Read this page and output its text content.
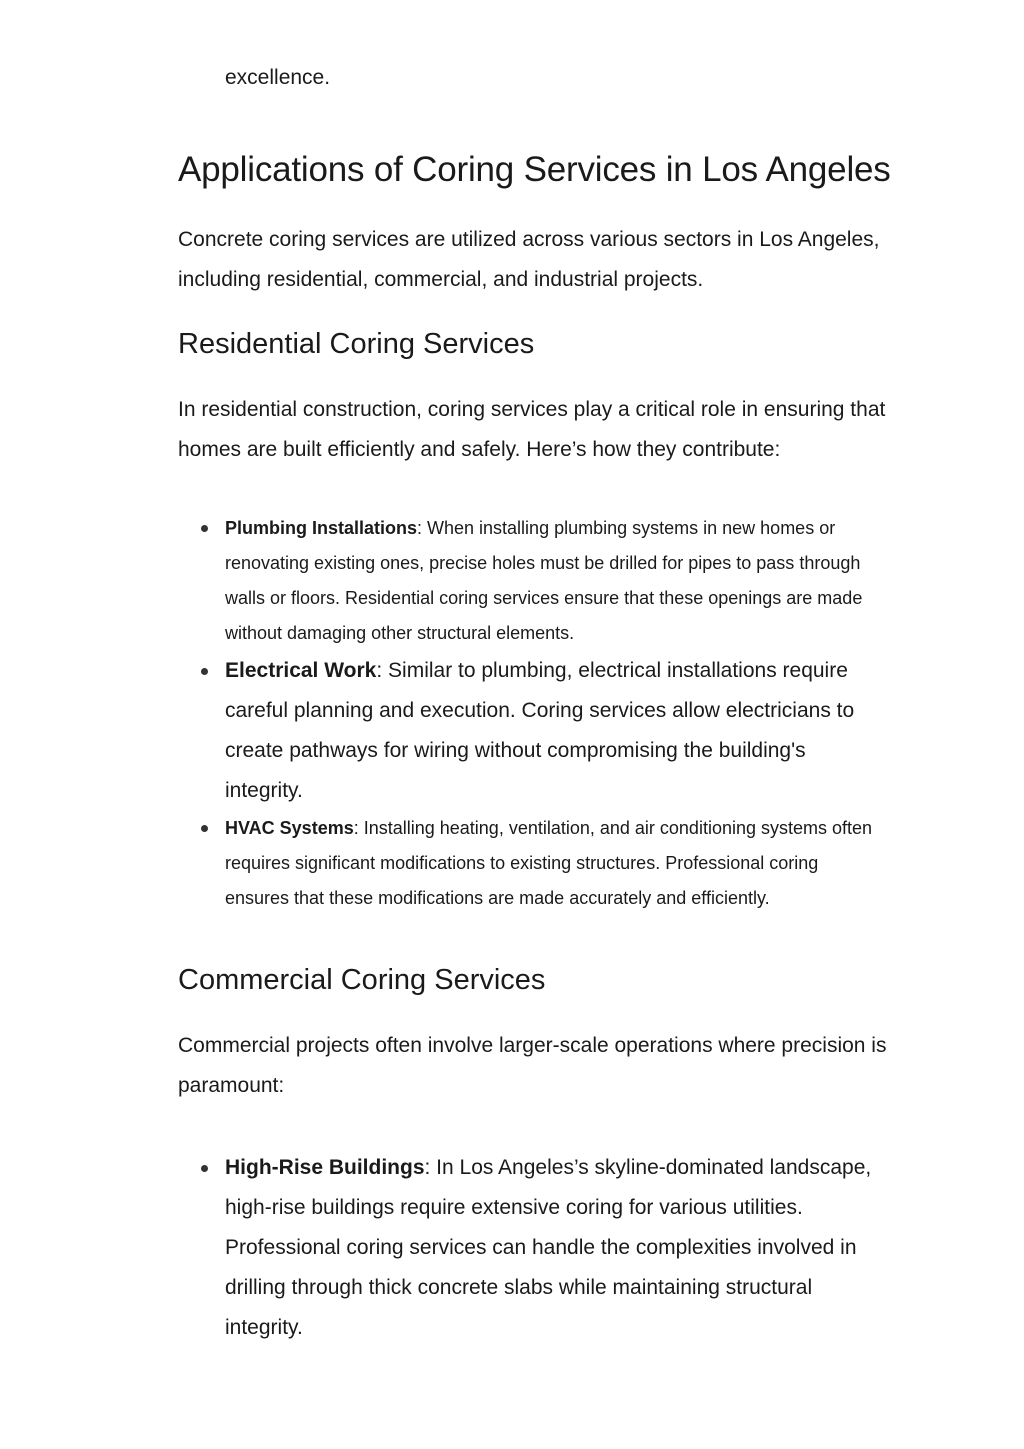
excellence.

Applications of Coring Services in Los Angeles

Concrete coring services are utilized across various sectors in Los Angeles, including residential, commercial, and industrial projects.

Residential Coring Services

In residential construction, coring services play a critical role in ensuring that homes are built efficiently and safely. Here’s how they contribute:

Plumbing Installations: When installing plumbing systems in new homes or renovating existing ones, precise holes must be drilled for pipes to pass through walls or floors. Residential coring services ensure that these openings are made without damaging other structural elements.
Electrical Work: Similar to plumbing, electrical installations require careful planning and execution. Coring services allow electricians to create pathways for wiring without compromising the building's integrity.
HVAC Systems: Installing heating, ventilation, and air conditioning systems often requires significant modifications to existing structures. Professional coring ensures that these modifications are made accurately and efficiently.
Commercial Coring Services

Commercial projects often involve larger-scale operations where precision is paramount:

High-Rise Buildings: In Los Angeles’s skyline-dominated landscape, high-rise buildings require extensive coring for various utilities. Professional coring services can handle the complexities involved in drilling through thick concrete slabs while maintaining structural integrity.
